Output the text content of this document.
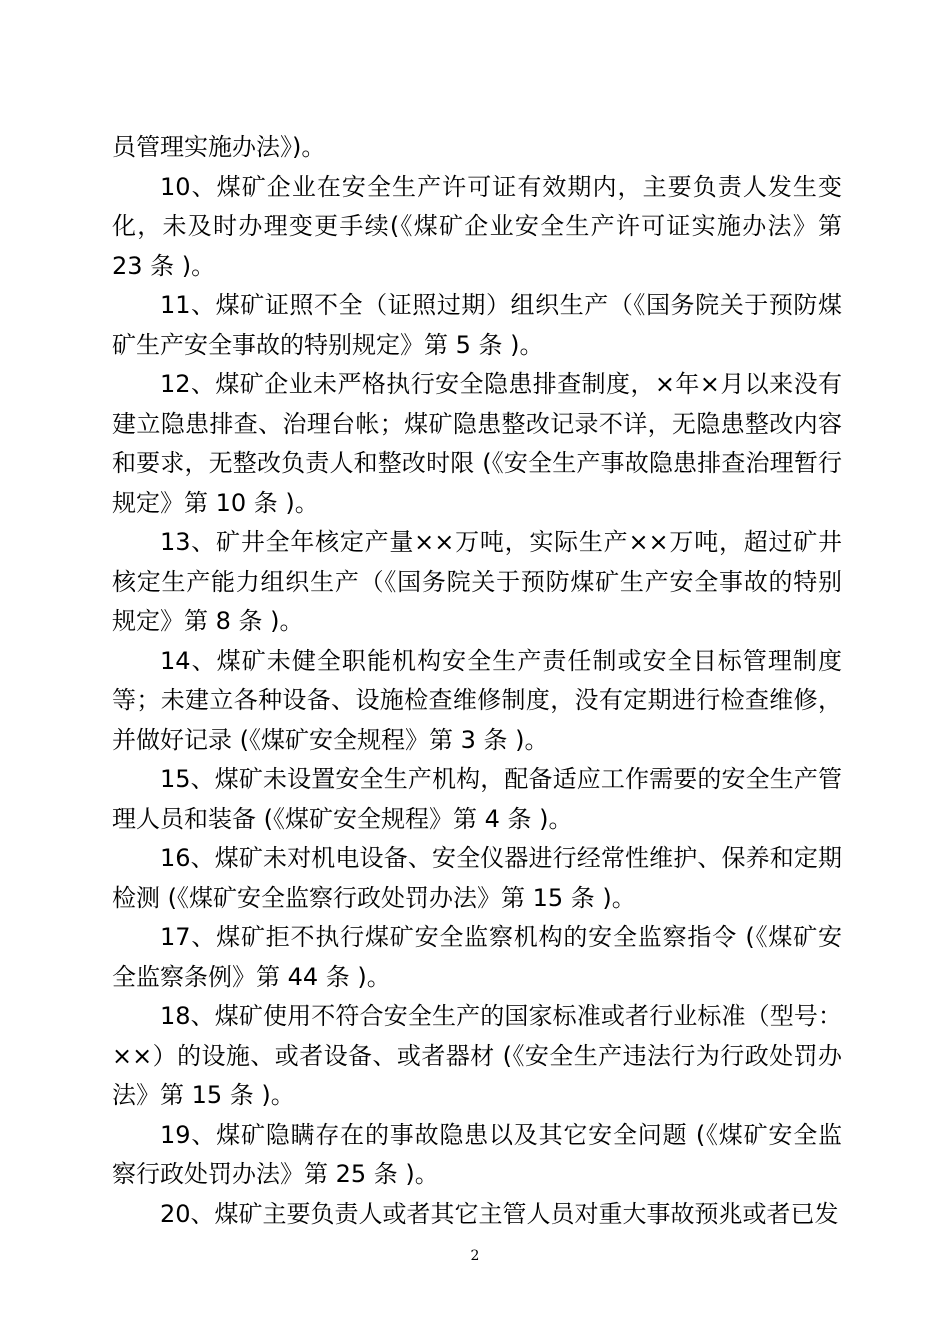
员管理实施办法》)。

10、煤矿企业在安全生产许可证有效期内，主要负责人发生变化，未及时办理变更手续(《煤矿企业安全生产许可证实施办法》第 23 条 )。

11、煤矿证照不全（证照过期）组织生产（《国务院关于预防煤矿生产安全事故的特别规定》第 5 条 )。

12、煤矿企业未严格执行安全隐患排查制度，×年×月以来没有建立隐患排查、治理台帐；煤矿隐患整改记录不详，无隐患整改内容和要求，无整改负责人和整改时限 (《安全生产事故隐患排查治理暂行规定》第 10 条 )。

13、矿井全年核定产量××万吨，实际生产××万吨，超过矿井核定生产能力组织生产（《国务院关于预防煤矿生产安全事故的特别规定》第 8 条 )。

14、煤矿未健全职能机构安全生产责任制或安全目标管理制度等；未建立各种设备、设施检查维修制度，没有定期进行检查维修，并做好记录 (《煤矿安全规程》第 3 条 )。

15、煤矿未设置安全生产机构，配备适应工作需要的安全生产管理人员和装备 (《煤矿安全规程》第 4 条 )。

16、煤矿未对机电设备、安全仪器进行经常性维护、保养和定期检测 (《煤矿安全监察行政处罚办法》第 15 条 )。

17、煤矿拒不执行煤矿安全监察机构的安全监察指令 (《煤矿安全监察条例》第 44 条 )。

18、煤矿使用不符合安全生产的国家标准或者行业标准（型号：××）的设施、或者设备、或者器材 (《安全生产违法行为行政处罚办法》第 15 条 )。

19、煤矿隐瞒存在的事故隐患以及其它安全问题 (《煤矿安全监察行政处罚办法》第 25 条 )。

20、煤矿主要负责人或者其它主管人员对重大事故预兆或者已发

2
